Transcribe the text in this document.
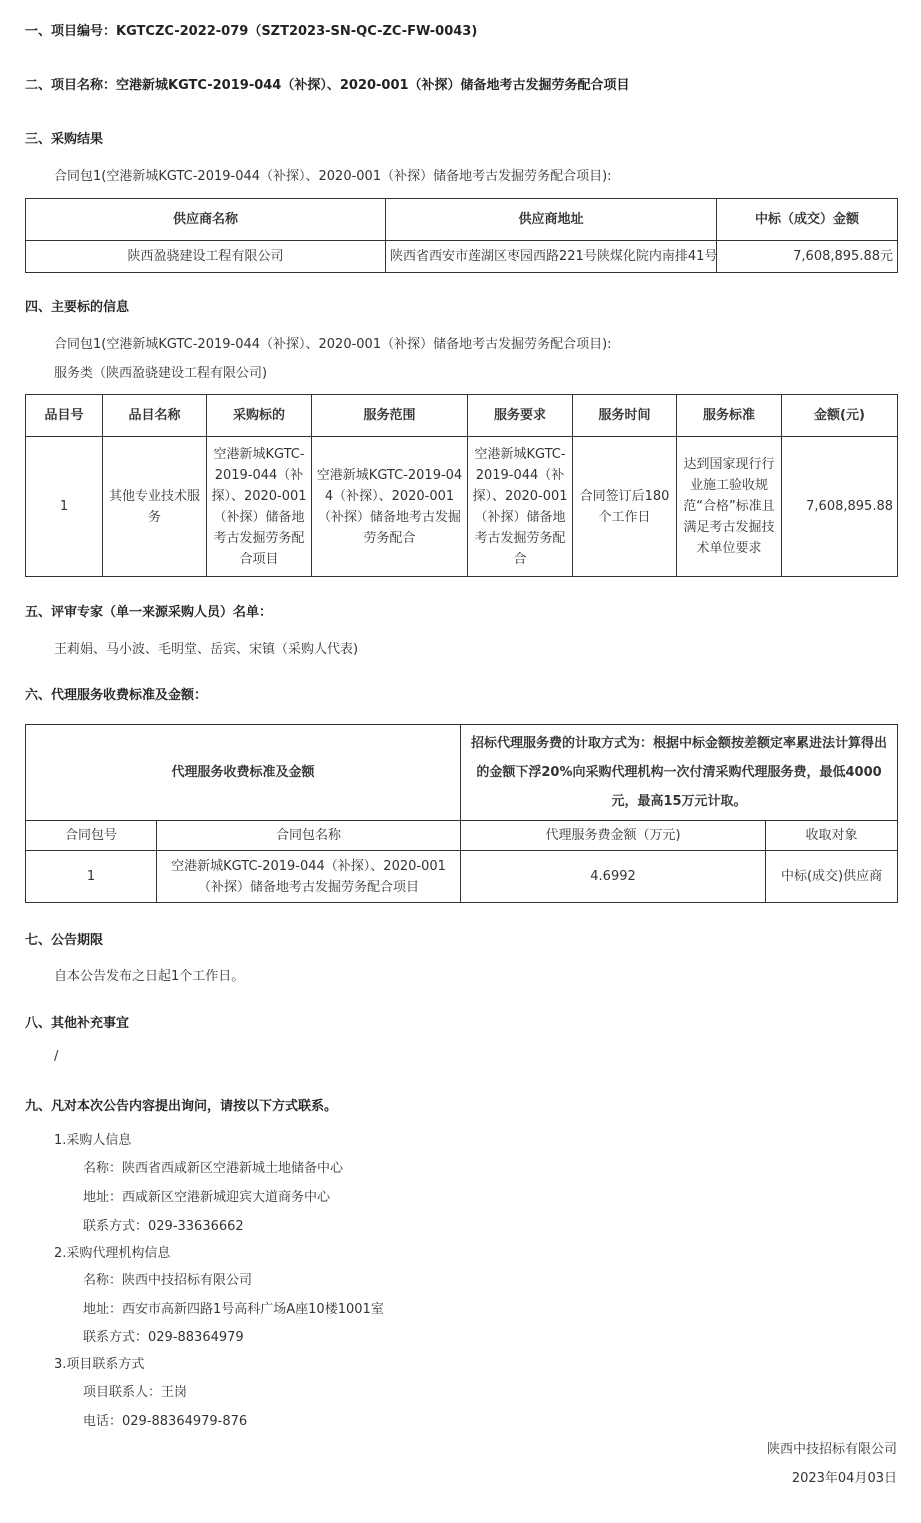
一、项目编号：KGTCZC-2022-079（SZT2023-SN-QC-ZC-FW-0043)
二、项目名称：空港新城KGTC-2019-044（补探）、2020-001（补探）储备地考古发掘劳务配合项目
三、采购结果
合同包1(空港新城KGTC-2019-044（补探）、2020-001（补探）储备地考古发掘劳务配合项目):
供应商名称	供应商地址	中标（成交）金额
陕西盈骁建设工程有限公司	陕西省西安市莲湖区枣园西路221号陕煤化院内南排41号	7,608,895.88元
四、主要标的信息
合同包1(空港新城KGTC-2019-044（补探）、2020-001（补探）储备地考古发掘劳务配合项目):
服务类（陕西盈骁建设工程有限公司)
品目号	品目名称	采购标的	服务范围	服务要求	服务时间	服务标准	金额(元)
1	其他专业技术服务	空港新城KGTC-2019-044（补探）、2020-001（补探）储备地考古发掘劳务配合项目	空港新城KGTC-2019-044（补探）、2020-001（补探）储备地考古发掘劳务配合	空港新城KGTC-2019-044（补探）、2020-001（补探）储备地考古发掘劳务配合	合同签订后180个工作日	达到国家现行行业施工验收规范“合格”标准且满足考古发掘技术单位要求	7,608,895.88
五、评审专家（单一来源采购人员）名单：
王莉娟、马小波、毛明堂、岳宾、宋镇（采购人代表)
六、代理服务收费标准及金额：
代理服务收费标准及金额		招标代理服务费的计取方式为：根据中标金额按差额定率累进法计算得出的金额下浮20%向采购代理机构一次付清采购代理服务费，最低4000元，最高15万元计取。	
合同包号	合同包名称	代理服务费金额（万元)	收取对象
1	空港新城KGTC-2019-044（补探）、2020-001（补探）储备地考古发掘劳务配合项目	4.6992	中标(成交)供应商
七、公告期限
自本公告发布之日起1个工作日。
八、其他补充事宜
/
九、凡对本次公告内容提出询问，请按以下方式联系。
1.采购人信息
名称：陕西省西咸新区空港新城土地储备中心
地址：西咸新区空港新城迎宾大道商务中心
联系方式：029-33636662
2.采购代理机构信息
名称：陕西中技招标有限公司
地址：西安市高新四路1号高科广场A座10楼1001室
联系方式：029-88364979
3.项目联系方式
项目联系人：王岗
电话：029-88364979-876
陕西中技招标有限公司
2023年04月03日
